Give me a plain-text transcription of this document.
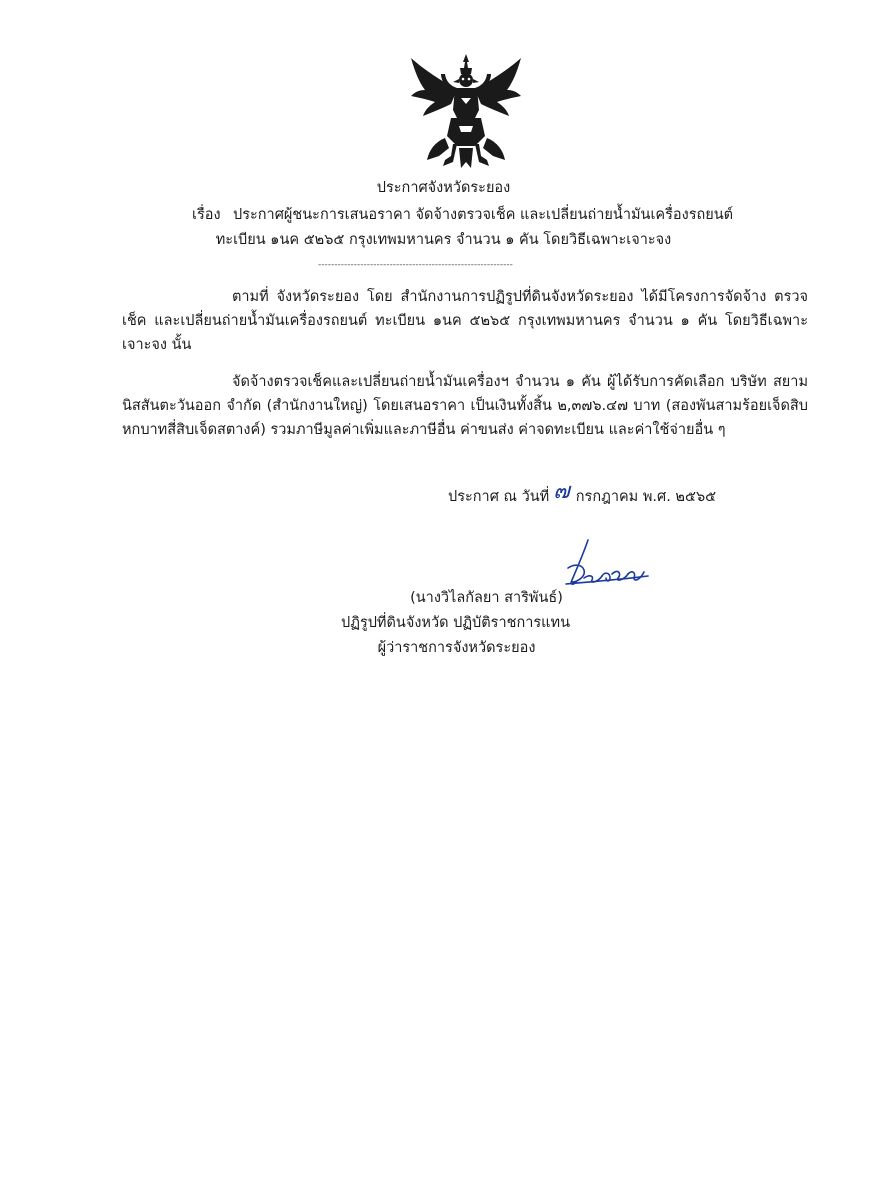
ประกาศจังหวัดระยอง
เรื่อง ประกาศผู้ชนะการเสนอราคา จัดจ้างตรวจเช็ค และเปลี่ยนถ่ายน้ำมันเครื่องรถยนต์
ทะเบียน ๑นค ๕๒๖๕ กรุงเทพมหานคร จำนวน ๑ คัน โดยวิธีเฉพาะเจาะจง
------------------------------------------------------------
ตามที่ จังหวัดระยอง โดย สำนักงานการปฏิรูปที่ดินจังหวัดระยอง ได้มีโครงการจัดจ้าง ตรวจเช็ค และเปลี่ยนถ่ายน้ำมันเครื่องรถยนต์ ทะเบียน ๑นค ๕๒๖๕ กรุงเทพมหานคร จำนวน ๑ คัน โดยวิธีเฉพาะเจาะจง นั้น
จัดจ้างตรวจเช็คและเปลี่ยนถ่ายน้ำมันเครื่องฯ จำนวน ๑ คัน ผู้ได้รับการคัดเลือก บริษัท สยามนิสสันตะวันออก จำกัด (สำนักงานใหญ่) โดยเสนอราคา เป็นเงินทั้งสิ้น ๒,๓๗๖.๔๗ บาท (สองพันสามร้อยเจ็ดสิบหกบาทสี่สิบเจ็ดสตางค์) รวมภาษีมูลค่าเพิ่มและภาษีอื่น ค่าขนส่ง ค่าจดทะเบียน และค่าใช้จ่ายอื่น ๆ
ประกาศ ณ วันที่ ๗ กรกฎาคม พ.ศ. ๒๕๖๕
(นางวิไลกัลยา สาริพันธ์)
ปฏิรูปที่ดินจังหวัด ปฏิบัติราชการแทน
ผู้ว่าราชการจังหวัดระยอง
